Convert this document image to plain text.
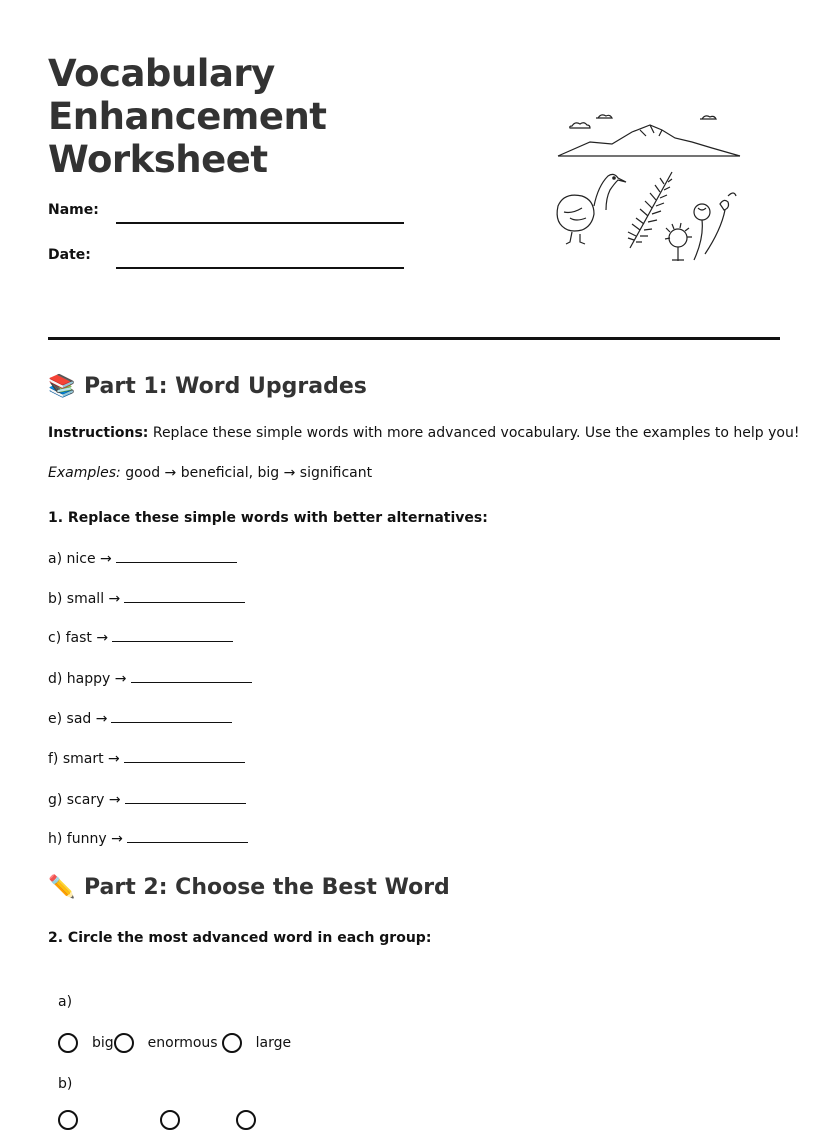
Vocabulary
Enhancement
Worksheet
Name:
Date:
📚 Part 1: Word Upgrades
Instructions: Replace these simple words with more advanced vocabulary. Use the examples to help you!
Examples: good → beneficial, big → significant
1. Replace these simple words with better alternatives:
a) nice →
b) small →
c) fast →
d) happy →
e) sad →
f) smart →
g) scary →
h) funny →
✏️ Part 2: Choose the Best Word
2. Circle the most advanced word in each group:
a)
big enormous	large
b)
